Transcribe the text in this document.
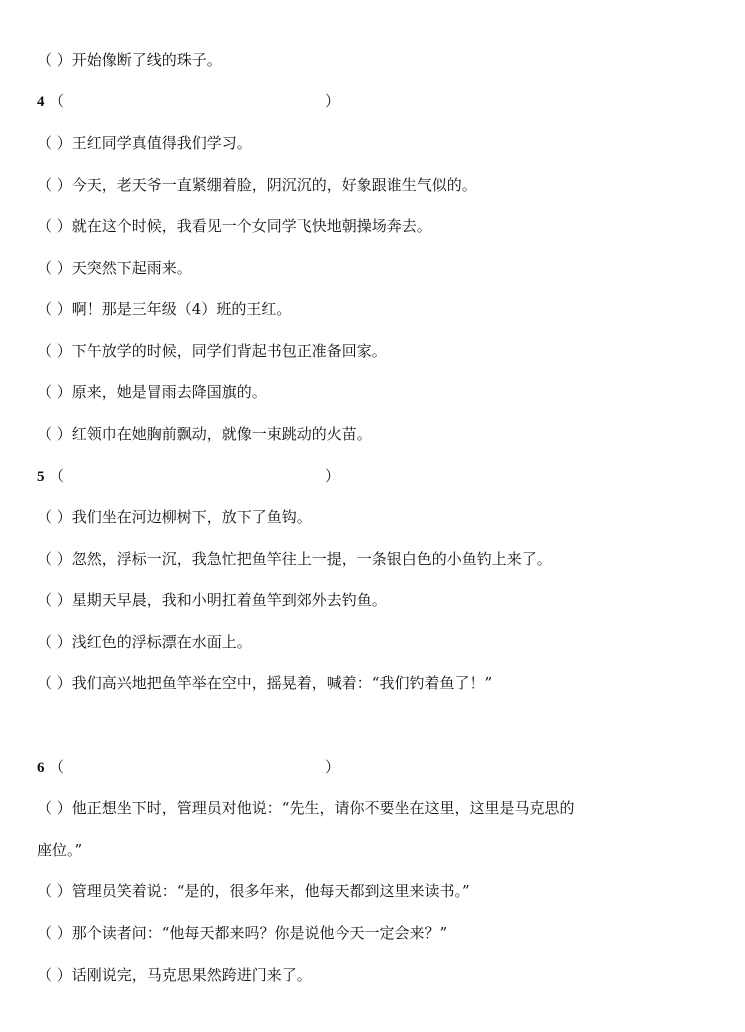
（ ）开始像断了线的珠子。
4 （	）
（ ）王红同学真值得我们学习。
（ ）今天，老天爷一直紧绷着脸，阴沉沉的，好象跟谁生气似的。
（ ）就在这个时候，我看见一个女同学飞快地朝操场奔去。
（ ）天突然下起雨来。
（ ）啊！那是三年级（4）班的王红。
（ ）下午放学的时候，同学们背起书包正准备回家。
（ ）原来，她是冒雨去降国旗的。
（ ）红领巾在她胸前飘动，就像一束跳动的火苗。
5 （	）
（ ）我们坐在河边柳树下，放下了鱼钩。
（ ）忽然，浮标一沉，我急忙把鱼竿往上一提，一条银白色的小鱼钓上来了。
（ ）星期天早晨，我和小明扛着鱼竿到郊外去钓鱼。
（ ）浅红色的浮标漂在水面上。
（ ）我们高兴地把鱼竿举在空中，摇晃着，喊着：“我们钓着鱼了！”
6 （	）
（ ）他正想坐下时，管理员对他说：“先生，请你不要坐在这里，这里是马克思的
座位。”
（ ）管理员笑着说：“是的，很多年来，他每天都到这里来读书。”
（ ）那个读者问：“他每天都来吗？你是说他今天一定会来？”
（ ）话刚说完，马克思果然跨进门来了。
